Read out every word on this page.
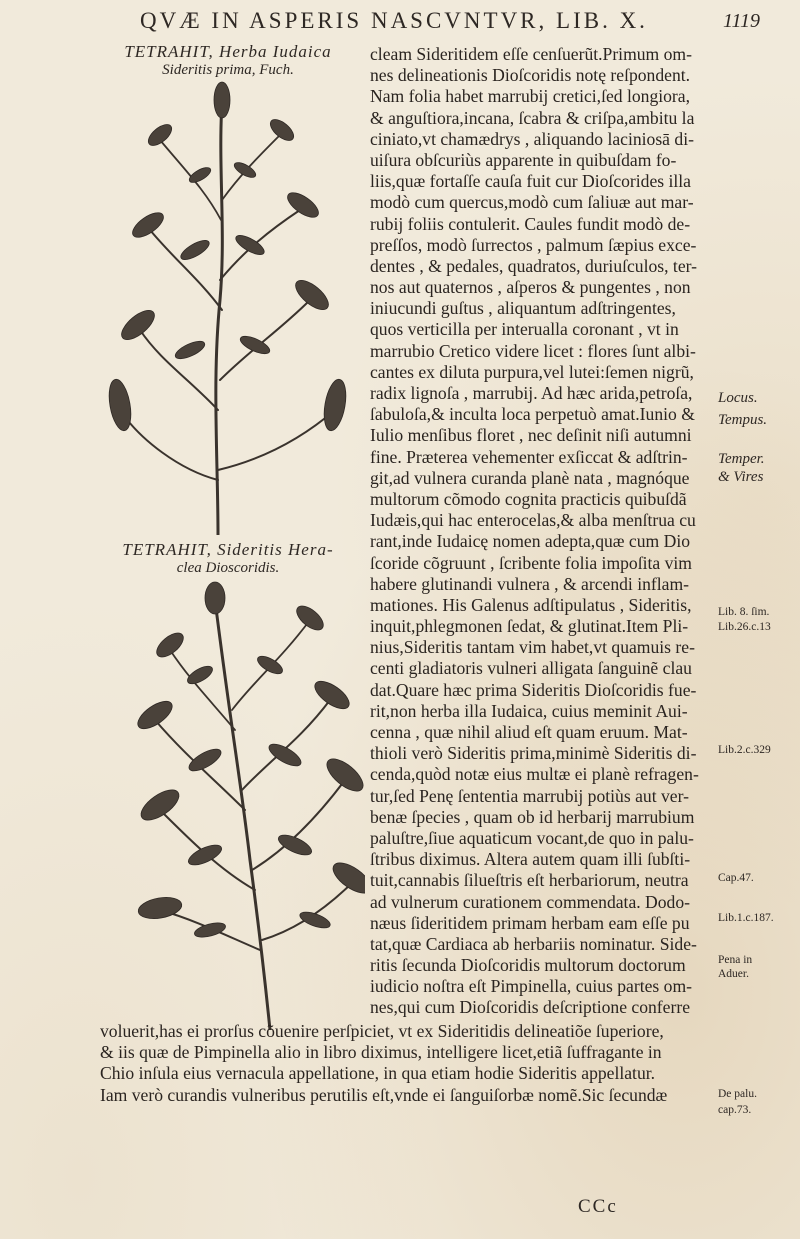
QVÆ IN ASPERIS NASCVNTVR, LIB. X.	1119
TETRAHIT, Herba Iudaica
Sideritis prima, Fuch.
TETRAHIT, Sideritis Hera-
clea Dioscoridis.
cleam Sideritidem eſſe cenſuerũt.Primum om-
nes delineationis Dioſcoridis notę reſpondent.
Nam folia habet marrubij cretici,ſed longiora,
& anguſtiora,incana, ſcabra & criſpa,ambitu la
ciniato,vt chamædrys , aliquando laciniosā di-
uiſura obſcuriùs apparente in quibuſdam fo-
liis,quæ fortaſſe cauſa fuit cur Dioſcorides illa
modò cum quercus,modò cum ſaliuæ aut mar-
rubij foliis contulerit. Caules fundit modò de-
preſſos, modò ſurrectos , palmum ſæpius exce-
dentes , & pedales, quadratos, duriuſculos, ter-
nos aut quaternos , aſperos & pungentes , non
iniucundi guſtus , aliquantum adſtringentes,
quos verticilla per interualla coronant , vt in
marrubio Cretico videre licet : flores ſunt albi-
cantes ex diluta purpura,vel lutei:ſemen nigrũ,
radix lignoſa , marrubij. Ad hæc arida,petroſa,
ſabuloſa,& inculta loca perpetuò amat.Iunio &
Iulio menſibus floret , nec deſinit niſi autumni
fine. Præterea vehementer exſiccat & adſtrin-
git,ad vulnera curanda planè nata , magnóque
multorum cõmodo cognita practicis quibuſdã
Iudæis,qui hac enterocelas,& alba menſtrua cu
rant,inde Iudaicę nomen adepta,quæ cum Dio
ſcoride cõgruunt , ſcribente folia impoſita vim
habere glutinandi vulnera , & arcendi inflam-
mationes. His Galenus adſtipulatus , Sideritis,
inquit,phlegmonen ſedat, & glutinat.Item Pli-
nius,Sideritis tantam vim habet,vt quamuis re-
centi gladiatoris vulneri alligata ſanguinẽ clau
dat.Quare hæc prima Sideritis Dioſcoridis fue-
rit,non herba illa Iudaica, cuius meminit Aui-
cenna , quæ nihil aliud eſt quam eruum. Mat-
thioli verò Sideritis prima,minimè Sideritis di-
cenda,quòd notæ eius multæ ei planè refragen-
tur,ſed Penę ſententia marrubij potiùs aut ver-
benæ ſpecies , quam ob id herbarij marrubium
paluſtre,ſiue aquaticum vocant,de quo in palu-
ſtribus diximus. Altera autem quam illi ſubſti-
tuit,cannabis ſilueſtris eſt herbariorum, neutra
ad vulnerum curationem commendata. Dodo-
næus ſideritidem primam herbam eam eſſe pu
tat,quæ Cardiaca ab herbariis nominatur. Side-
ritis ſecunda Dioſcoridis multorum doctorum
iudicio noſtra eſt Pimpinella, cuius partes om-
nes,qui cum Dioſcoridis deſcriptione conferre
voluerit,has ei prorſus cõuenire perſpiciet, vt ex Sideritidis delineatiõe ſuperiore,
& iis quæ de Pimpinella alio in libro diximus, intelligere licet,etiã ſuffragante in
Chio inſula eius vernacula appellatione, in qua etiam hodie Sideritis appellatur.
Iam verò curandis vulneribus perutilis eſt,vnde ei ſanguiſorbæ nomẽ.Sic ſecundæ
Locus.
Tempus.
Temper.
& Vires
Lib. 8. ſim.
Lib.26.c.13
Lib.2.c.329
Cap.47.
Lib.1.c.187.
Pena in
Aduer.
De palu.
cap.73.
CCc
